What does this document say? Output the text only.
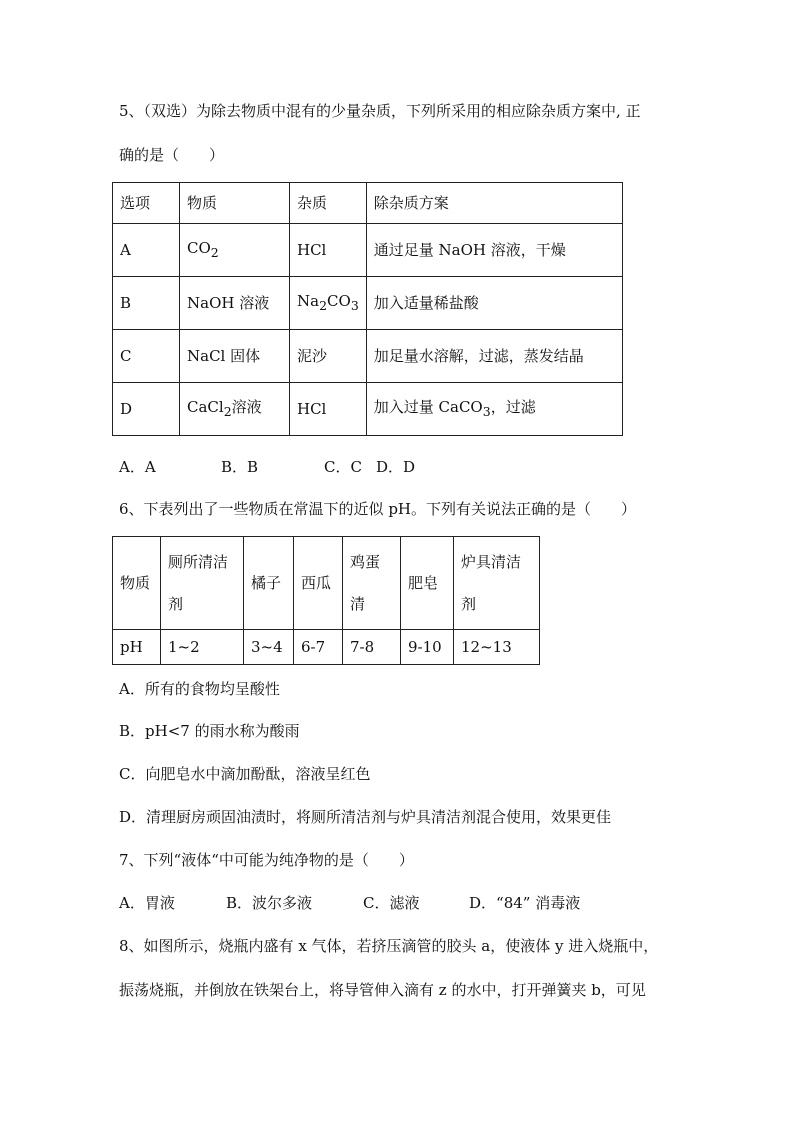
5、（双选）为除去物质中混有的少量杂质，下列所采用的相应除杂质方案中, 正
确的是（ ）
选项	物质	杂质	除杂质方案
A	$CO_2$	HCl	通过足量 NaOH 溶液，干燥
B	NaOH 溶液	$Na_2CO_3$	加入适量稀盐酸
C	NaCl 固体	泥沙	加足量水溶解，过滤，蒸发结晶
D	CaCl$_2$溶液	HCl	加入过量 CaCO$_3$，过滤
A．A	B．B	C．C D．D
6、下表列出了一些物质在常温下的近似 pH。下列有关说法正确的是（　　）
物质	厕所清洁剂	橘子	西瓜	鸡蛋清	肥皂	炉具清洁剂
pH	1~2	3~4	6-7	7-8	9-10	12~13
A．所有的食物均呈酸性
B．pH<7 的雨水称为酸雨
C．向肥皂水中滴加酚酞，溶液呈红色
D．清理厨房顽固油渍时，将厕所清洁剂与炉具清洁剂混合使用，效果更佳
7、下列“液体“中可能为纯净物的是（　　）
A．胃液	B．波尔多液	C．滤液	D．“84” 消毒液
8、如图所示，烧瓶内盛有 x 气体，若挤压滴管的胶头 a，使液体 y 进入烧瓶中，
振荡烧瓶，并倒放在铁架台上，将导管伸入滴有 z 的水中，打开弹簧夹 b，可见
